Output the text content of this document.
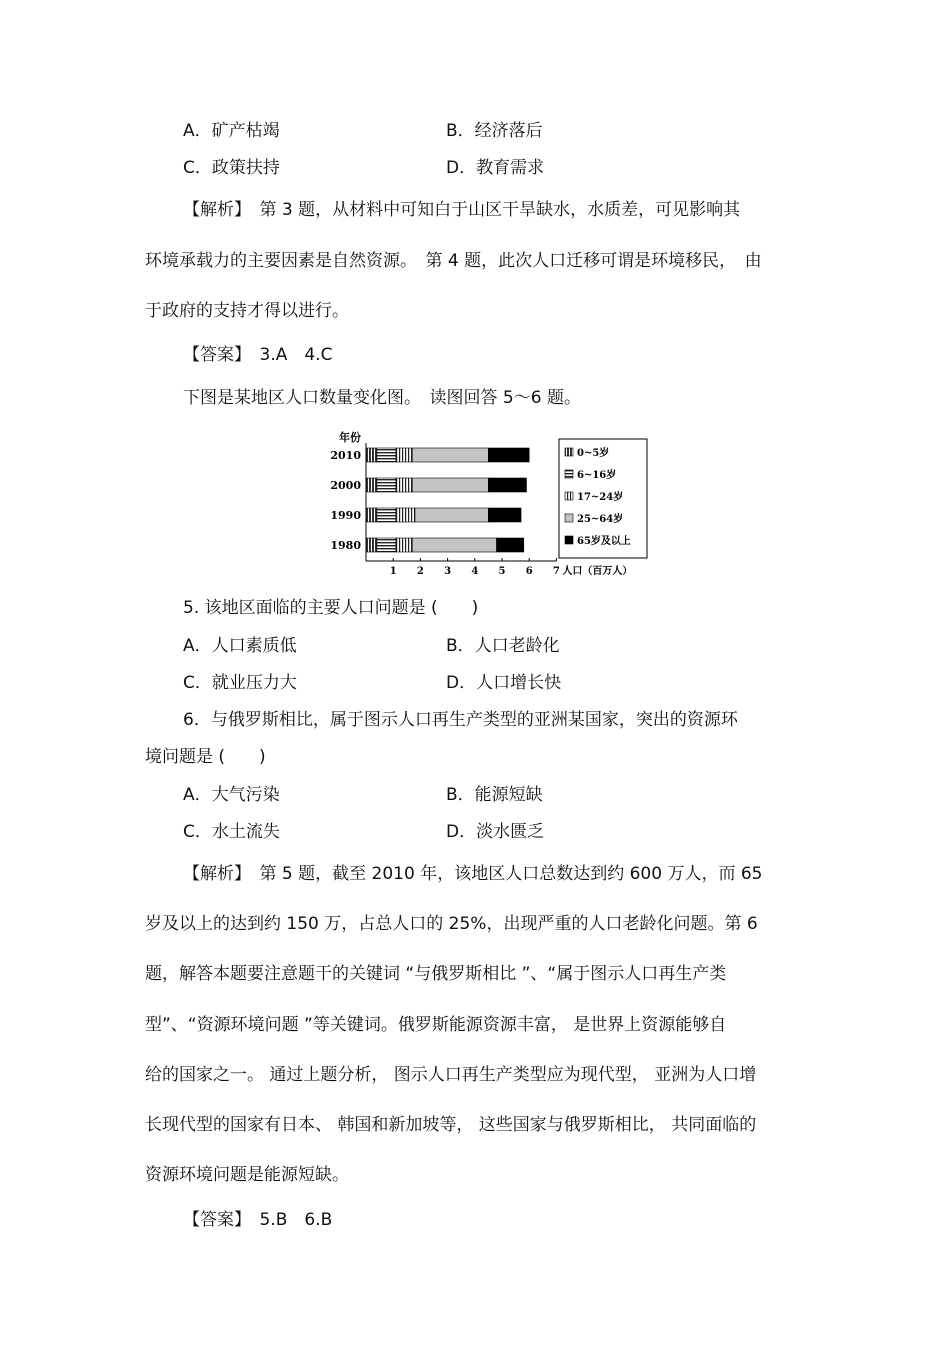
A．矿产枯竭	B．经济落后
C．政策扶持	D．教育需求
【解析】　第 3 题，从材料中可知白于山区干旱缺水，水质差，可见影响其
环境承载力的主要因素是自然资源。　第 4 题，此次人口迁移可谓是环境移民，　由
于政府的支持才得以进行。
【答案】　3.A　4.C
下图是某地区人口数量变化图。　读图回答 5～6 题。
年份
2010
2000
1990
1980
1 2 3 4 5 6 7 人口（百万人）
0~5岁
6~16岁
17~24岁
25~64岁
65岁及以上
5. 该地区面临的主要人口问题是 (　　)
A．人口素质低	B．人口老龄化
C．就业压力大	D．人口增长快
6．与俄罗斯相比，属于图示人口再生产类型的亚洲某国家，突出的资源环
境问题是 (　　)
A．大气污染	B．能源短缺
C．水土流失	D．淡水匮乏
【解析】　第 5 题，截至 2010 年，该地区人口总数达到约 600 万人，而 65
岁及以上的达到约 150 万，占总人口的 25%，出现严重的人口老龄化问题。第 6
题，解答本题要注意题干的关键词 “与俄罗斯相比 ”、“属于图示人口再生产类
型”、“资源环境问题 ”等关键词。俄罗斯能源资源丰富， 是世界上资源能够自
给的国家之一。 通过上题分析， 图示人口再生产类型应为现代型， 亚洲为人口增
长现代型的国家有日本、 韩国和新加坡等， 这些国家与俄罗斯相比， 共同面临的
资源环境问题是能源短缺。
【答案】　5.B　6.B
